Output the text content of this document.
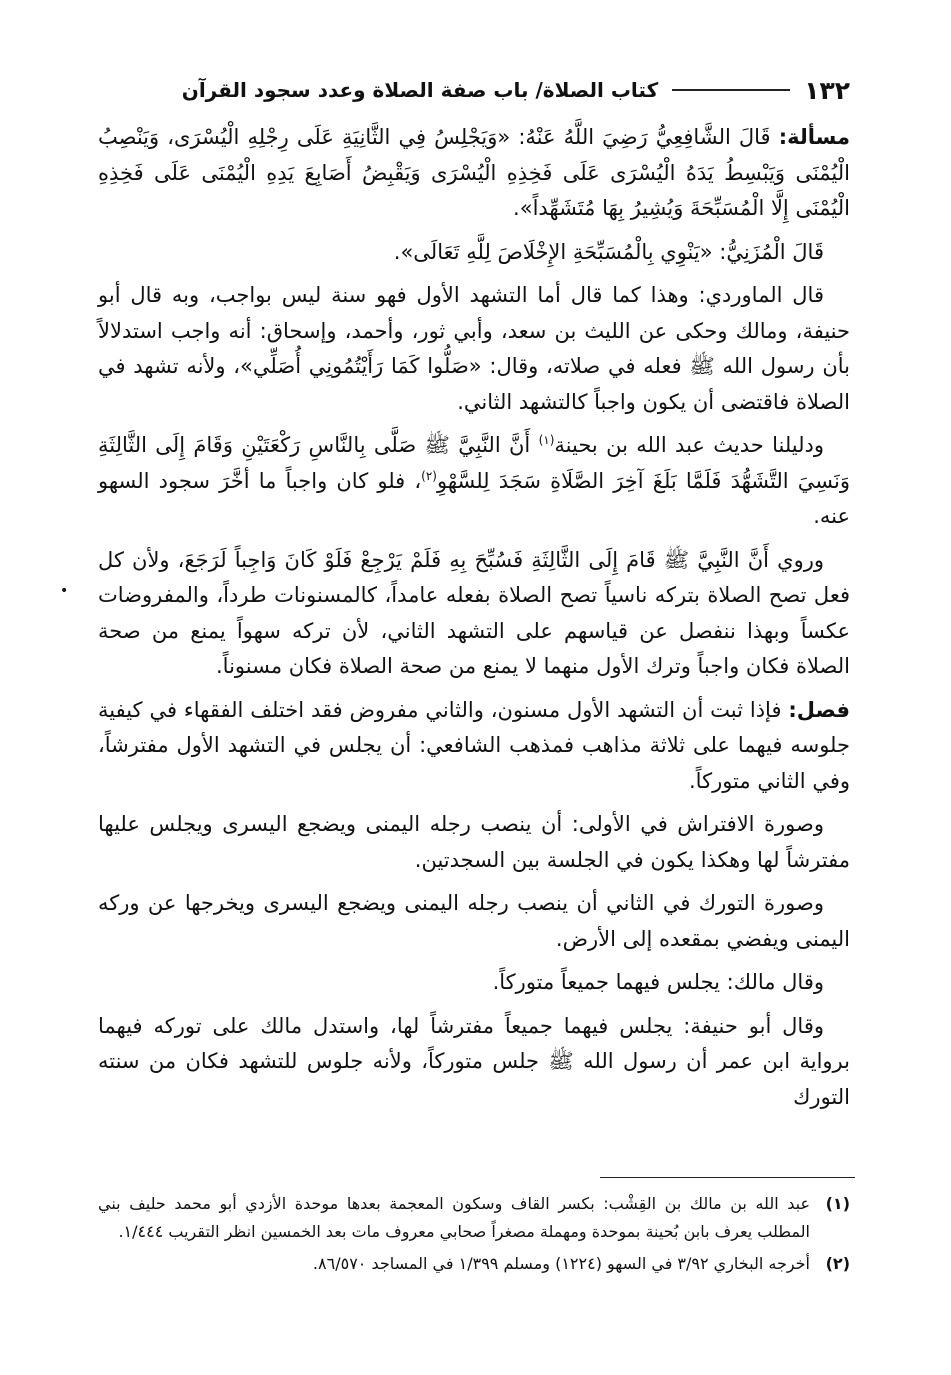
١٣٢
كتاب الصلاة/ باب صفة الصلاة وعدد سجود القرآن

مسألة: قَالَ الشَّافِعِيُّ رَضِيَ اللَّهُ عَنْهُ: «وَيَجْلِسُ فِي الثَّانِيَةِ عَلَى رِجْلِهِ الْيُسْرَى، وَيَنْصِبُ الْيُمْنَى وَيَبْسِطُ يَدَهُ الْيُسْرَى عَلَى فَخِذِهِ الْيُسْرَى وَيَقْبِضُ أَصَابِعَ يَدِهِ الْيُمْنَى عَلَى فَخِذِهِ الْيُمْنَى إِلَّا الْمُسَبِّحَةَ وَيُشِيرُ بِهَا مُتَشَهِّداً».

قَالَ الْمُزَنِيُّ: «يَنْوِي بِالْمُسَبِّحَةِ الإِخْلَاصَ لِلَّهِ تَعَالَى».

قال الماوردي: وهذا كما قال أما التشهد الأول فهو سنة ليس بواجب، وبه قال أبو حنيفة، ومالك وحكى عن الليث بن سعد، وأبي ثور، وأحمد، وإسحاق: أنه واجب استدلالاً بأن رسول الله ﷺ فعله في صلاته، وقال: «صَلُّوا كَمَا رَأَيْتُمُونِي أُصَلِّي»، ولأنه تشهد في الصلاة فاقتضى أن يكون واجباً كالتشهد الثاني.

ودليلنا حديث عبد الله بن بحينة$^{(١)}$ أَنَّ النَّبِيَّ ﷺ صَلَّى بِالنَّاسِ رَكْعَتَيْنِ وَقَامَ إِلَى الثَّالِثَةِ وَنَسِيَ التَّشَهُّدَ فَلَمَّا بَلَغَ آخِرَ الصَّلَاةِ سَجَدَ لِلسَّهْوِ$^{(٢)}$، فلو كان واجباً ما أخَّرَ سجود السهو عنه.

وروي أَنَّ النَّبِيَّ ﷺ قَامَ إِلَى الثَّالِثَةِ فَسُبِّحَ بِهِ فَلَمْ يَرْجِعْ فَلَوْ كَانَ وَاجِباً لَرَجَعَ، ولأن كل فعل تصح الصلاة بتركه ناسياً تصح الصلاة بفعله عامداً، كالمسنونات طرداً، والمفروضات عكساً وبهذا ننفصل عن قياسهم على التشهد الثاني، لأن تركه سهواً يمنع من صحة الصلاة فكان واجباً وترك الأول منهما لا يمنع من صحة الصلاة فكان مسنوناً.

فصل: فإذا ثبت أن التشهد الأول مسنون، والثاني مفروض فقد اختلف الفقهاء في كيفية جلوسه فيهما على ثلاثة مذاهب فمذهب الشافعي: أن يجلس في التشهد الأول مفترشاً، وفي الثاني متوركاً.

وصورة الافتراش في الأولى: أن ينصب رجله اليمنى ويضجع اليسرى ويجلس عليها مفترشاً لها وهكذا يكون في الجلسة بين السجدتين.

وصورة التورك في الثاني أن ينصب رجله اليمنى ويضجع اليسرى ويخرجها عن وركه اليمنى ويفضي بمقعده إلى الأرض.

وقال مالك: يجلس فيهما جميعاً متوركاً.

وقال أبو حنيفة: يجلس فيهما جميعاً مفترشاً لها، واستدل مالك على توركه فيهما برواية ابن عمر أن رسول الله ﷺ جلس متوركاً، ولأنه جلوس للتشهد فكان من سنته التورك

•
(١)
عبد الله بن مالك بن القِشْب: بكسر القاف وسكون المعجمة بعدها موحدة الأزدي أبو محمد حليف بني المطلب يعرف بابن بُحينة بموحدة ومهملة مصغراً صحابي معروف مات بعد الخمسين انظر التقريب ١/٤٤٤.
(٢)
أخرجه البخاري ٣/٩٢ في السهو (١٢٢٤) ومسلم ١/٣٩٩ في المساجد ٨٦/٥٧٠.
